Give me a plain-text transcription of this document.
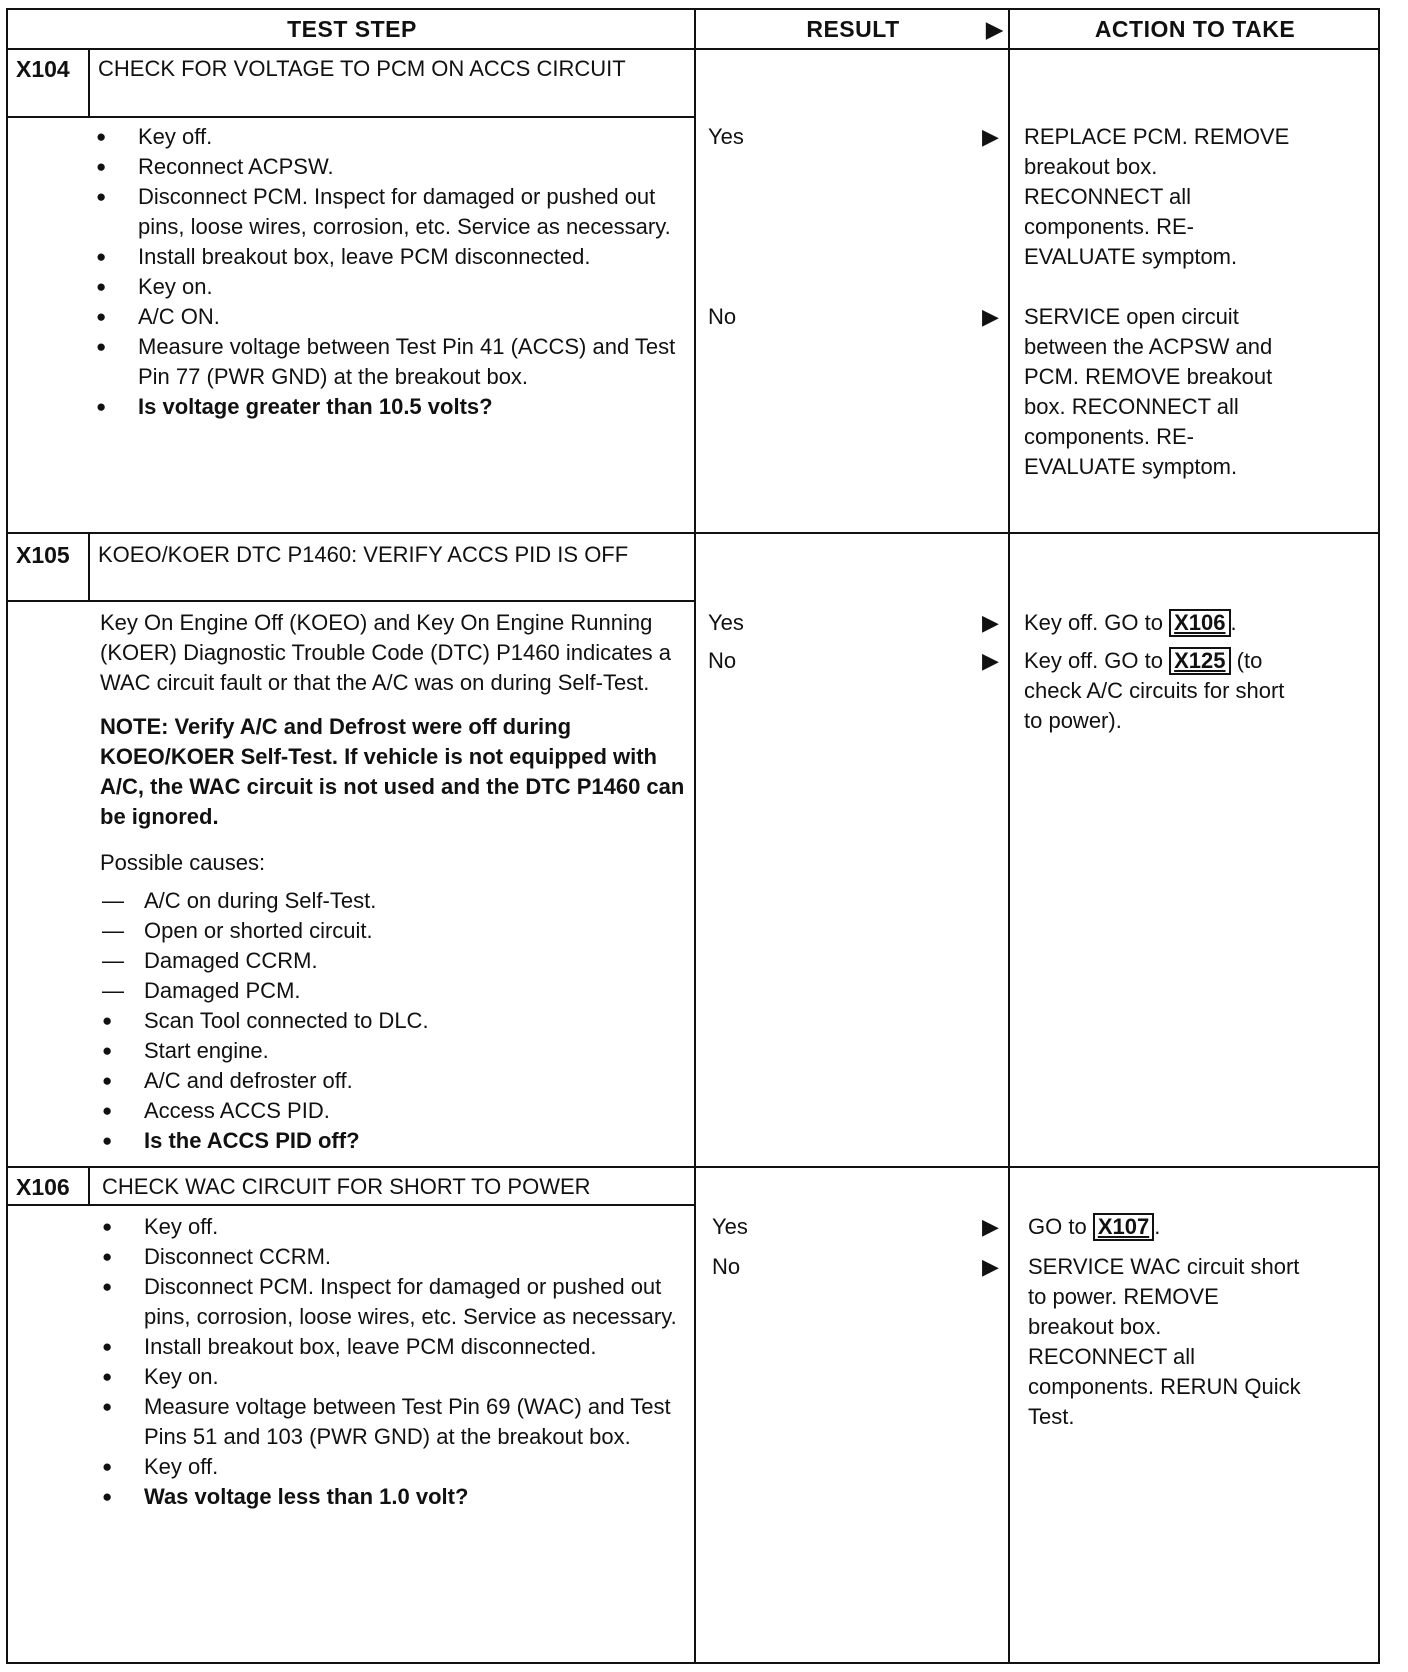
TEST STEP	RESULT	▶	ACTION TO TAKE
X104 CHECK FOR VOLTAGE TO PCM ON ACCS CIRCUIT
● Key off.
● Reconnect ACPSW.
● Disconnect PCM. Inspect for damaged or pushed out pins, loose wires, corrosion, etc. Service as necessary.
● Install breakout box, leave PCM disconnected.
● Key on.
● A/C ON.
● Measure voltage between Test Pin 41 (ACCS) and Test Pin 77 (PWR GND) at the breakout box.
● Is voltage greater than 10.5 volts?
Yes	▶ REPLACE PCM. REMOVE breakout box. RECONNECT all components. RE-EVALUATE symptom.
No	▶ SERVICE open circuit between the ACPSW and PCM. REMOVE breakout box. RECONNECT all components. RE-EVALUATE symptom.
X105 KOEO/KOER DTC P1460: VERIFY ACCS PID IS OFF

Key On Engine Off (KOEO) and Key On Engine Running (KOER) Diagnostic Trouble Code (DTC) P1460 indicates a WAC circuit fault or that the A/C was on during Self-Test.

NOTE: Verify A/C and Defrost were off during KOEO/KOER Self-Test. If vehicle is not equipped with A/C, the WAC circuit is not used and the DTC P1460 can be ignored.

Possible causes:

— A/C on during Self-Test.
— Open or shorted circuit.
— Damaged CCRM.
— Damaged PCM.
● Scan Tool connected to DLC.
● Start engine.
● A/C and defroster off.
● Access ACCS PID.
● Is the ACCS PID off?
Yes	▶ Key off. GO to X106 .
No	▶ Key off. GO to X125 (to check A/C circuits for short to power).
X106 CHECK WAC CIRCUIT FOR SHORT TO POWER
● Key off.
● Disconnect CCRM.
● Disconnect PCM. Inspect for damaged or pushed out pins, corrosion, loose wires, etc. Service as necessary.
● Install breakout box, leave PCM disconnected.
● Key on.
● Measure voltage between Test Pin 69 (WAC) and Test Pins 51 and 103 (PWR GND) at the breakout box.
● Key off.
● Was voltage less than 1.0 volt?
Yes	▶ GO to X107 .
No	▶ SERVICE WAC circuit short to power. REMOVE breakout box. RECONNECT all components. RERUN Quick Test.
